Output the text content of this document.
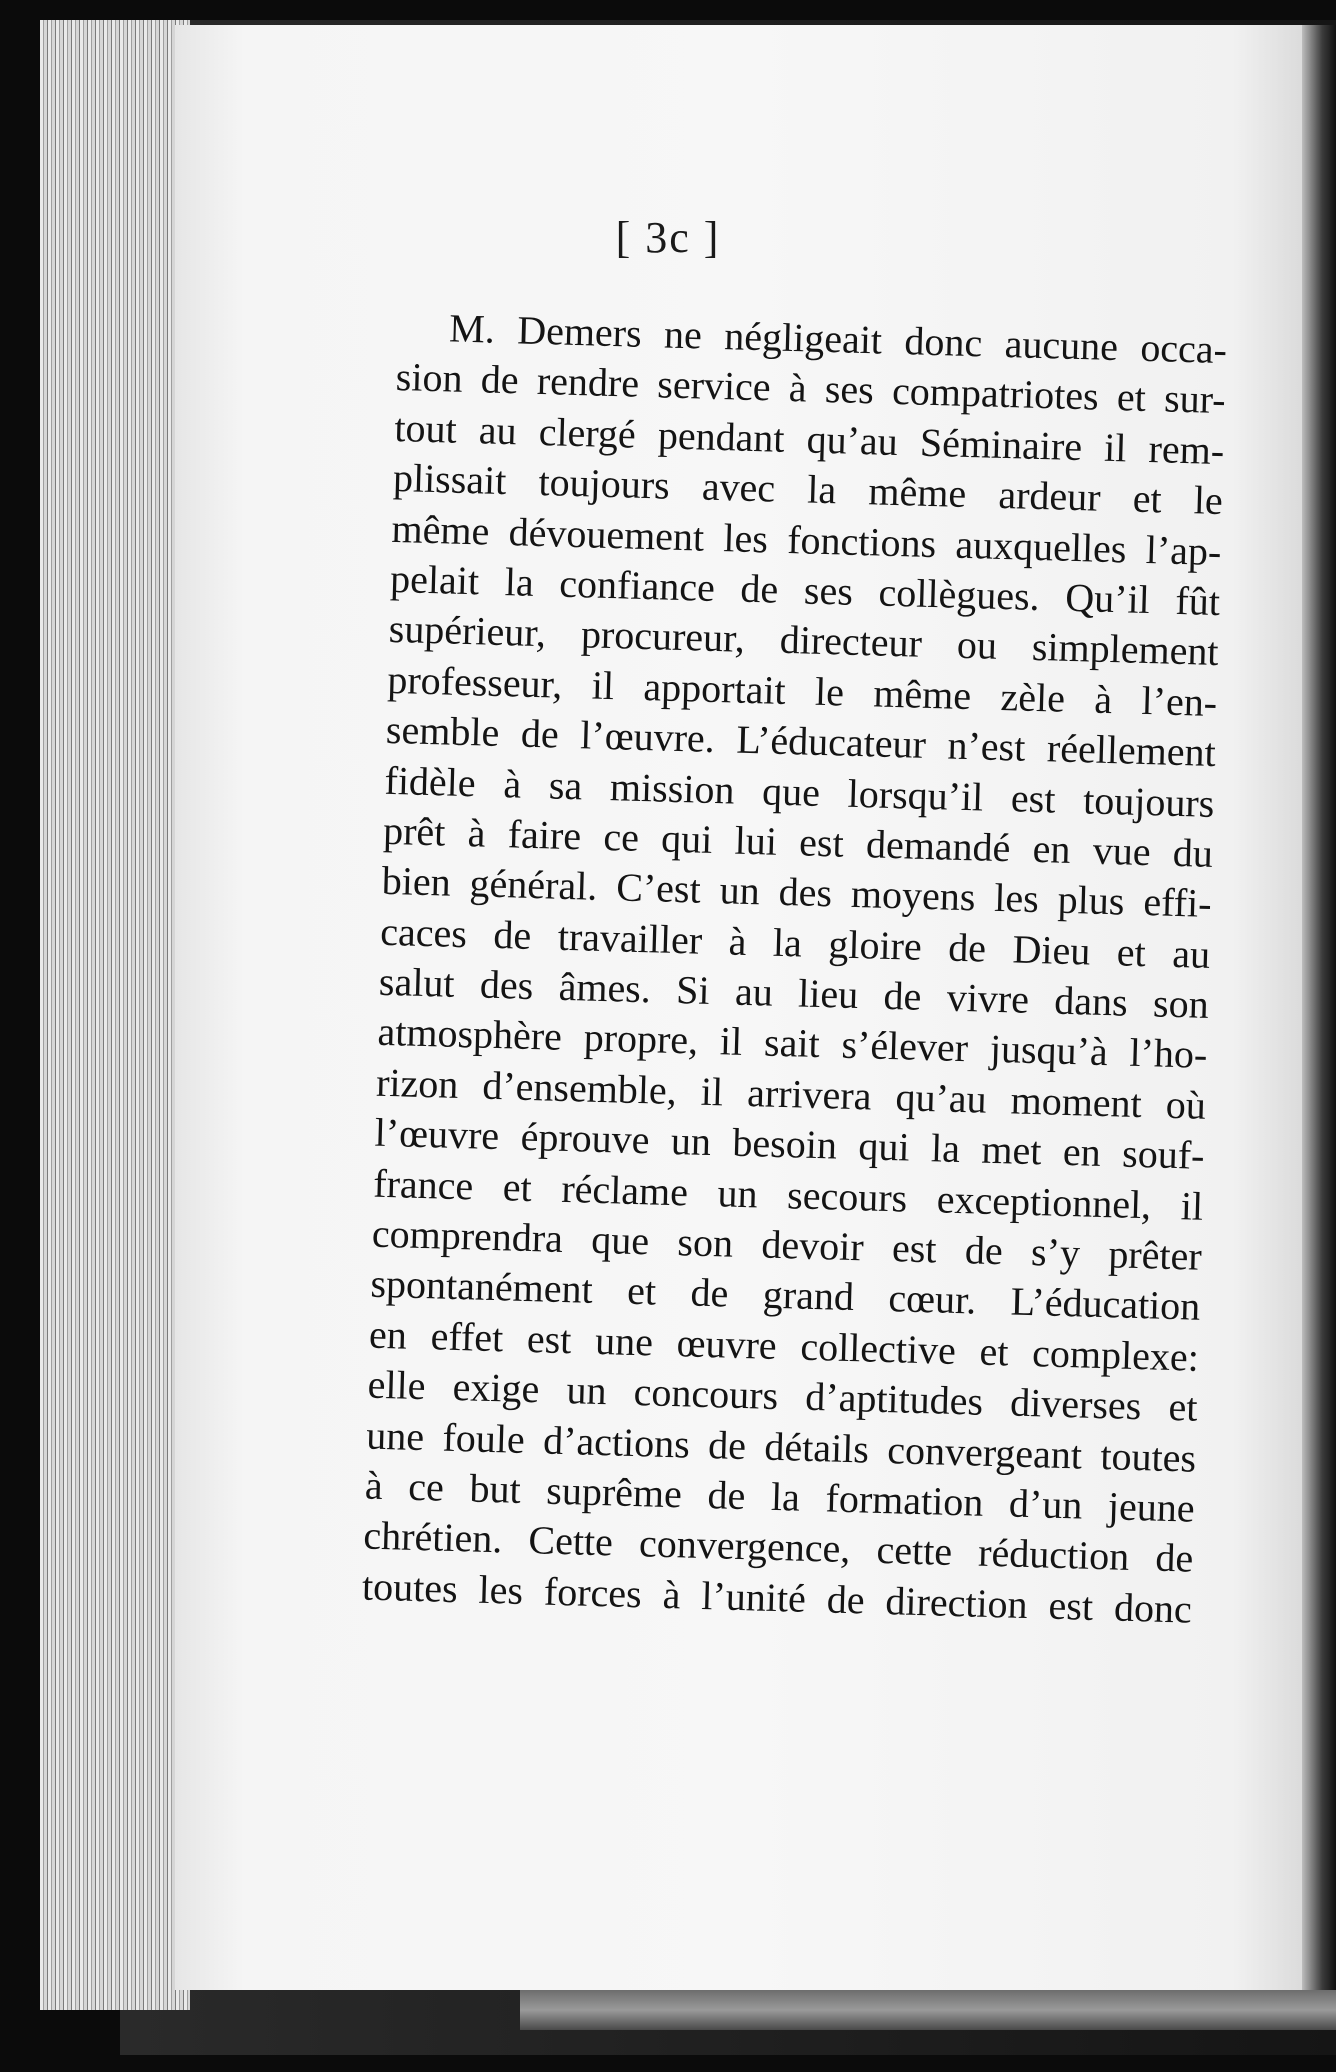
[ 3c ]
M. Demers ne négligeait donc aucune occa-
sion de rendre service à ses compatriotes et sur-
tout au clergé pendant qu’au Séminaire il rem-
plissait toujours avec la même ardeur et le
même dévouement les fonctions auxquelles l’ap-
pelait la confiance de ses collègues. Qu’il fût
supérieur, procureur, directeur ou simplement
professeur, il apportait le même zèle à l’en-
semble de l’œuvre. L’éducateur n’est réellement
fidèle à sa mission que lorsqu’il est toujours
prêt à faire ce qui lui est demandé en vue du
bien général. C’est un des moyens les plus effi-
caces de travailler à la gloire de Dieu et au
salut des âmes. Si au lieu de vivre dans son
atmosphère propre, il sait s’élever jusqu’à l’ho-
rizon d’ensemble, il arrivera qu’au moment où
l’œuvre éprouve un besoin qui la met en souf-
france et réclame un secours exceptionnel, il
comprendra que son devoir est de s’y prêter
spontanément et de grand cœur. L’éducation
en effet est une œuvre collective et complexe:
elle exige un concours d’aptitudes diverses et
une foule d’actions de détails convergeant toutes
à ce but suprême de la formation d’un jeune
chrétien. Cette convergence, cette réduction de
toutes les forces à l’unité de direction est donc
